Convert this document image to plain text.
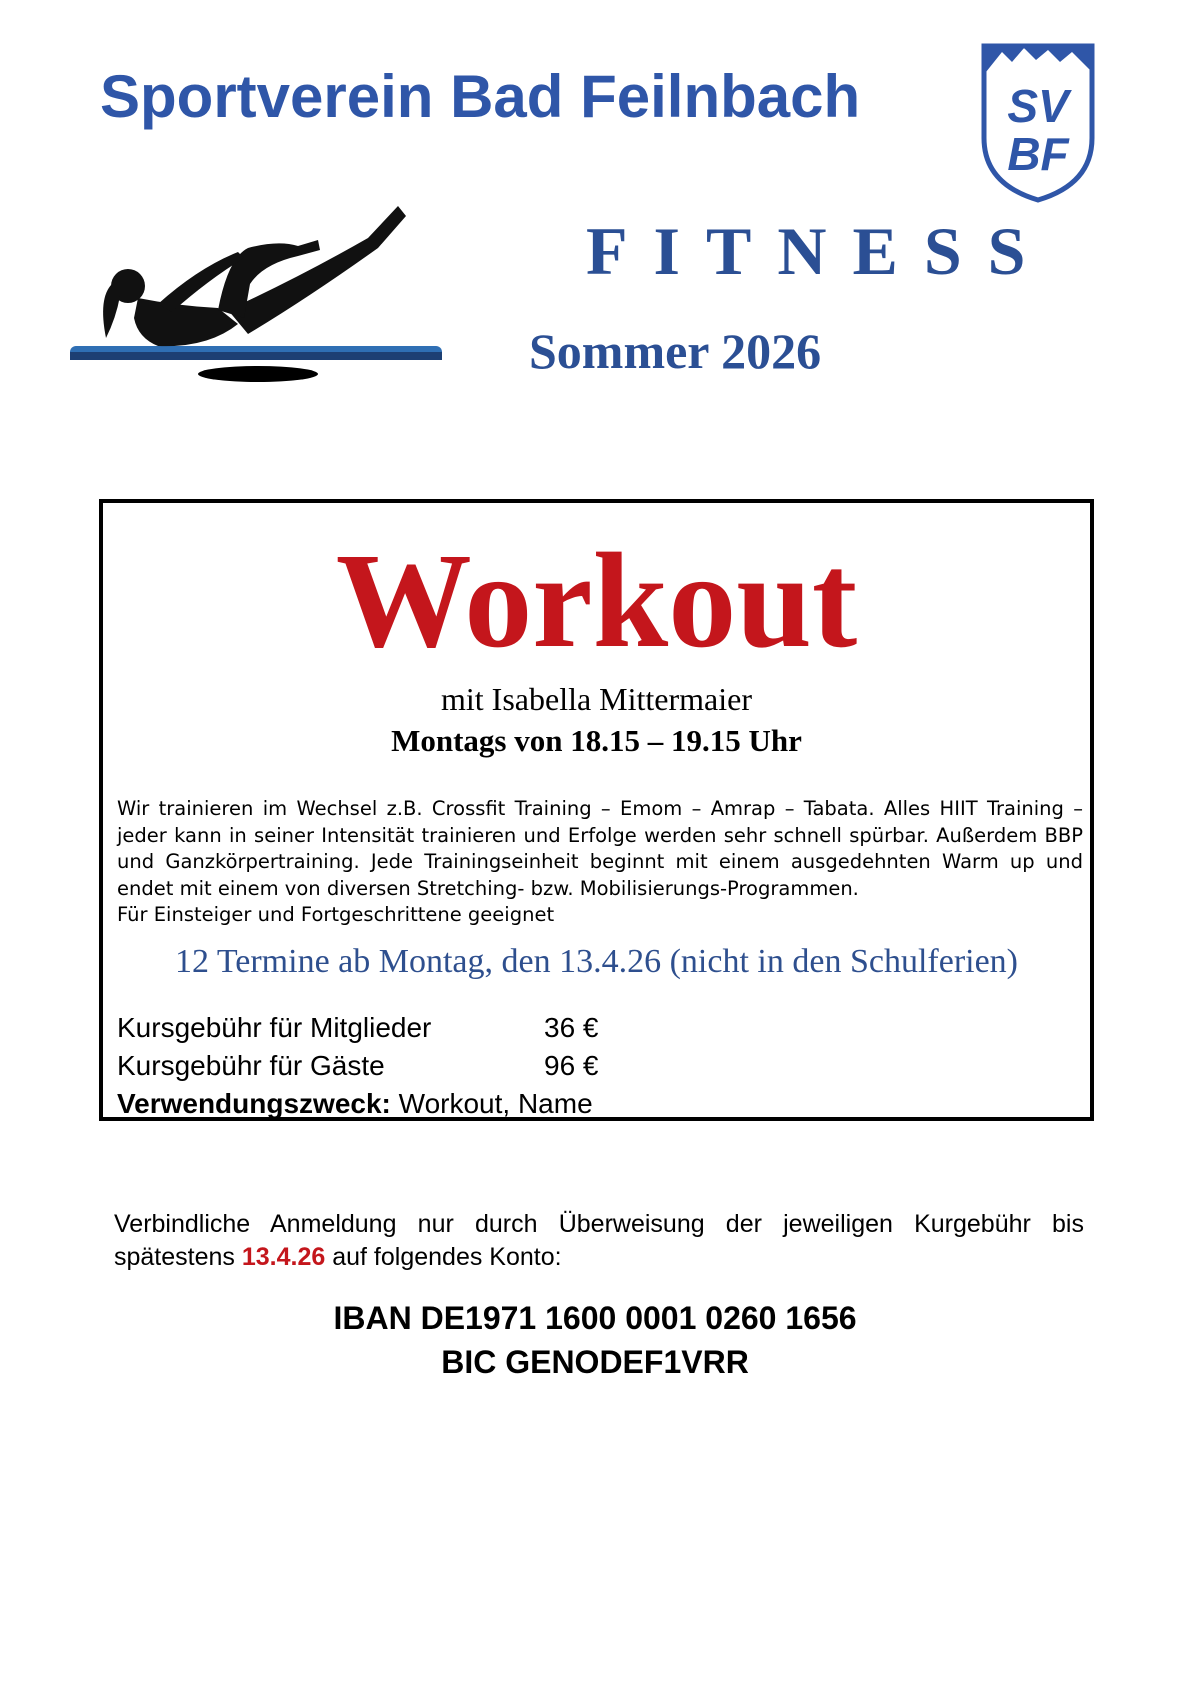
Sportverein Bad Feilnbach	SV
BF
FITNESS
Sommer 2026
Workout
mit Isabella Mittermaier
Montags von 18.15 – 19.15 Uhr

Wir trainieren im Wechsel z.B. Crossfit Training – Emom – Amrap – Tabata. Alles HIIT Training – jeder kann in seiner Intensität trainieren und Erfolge werden sehr schnell spürbar. Außerdem BBP und Ganzkörpertraining. Jede Trainingseinheit beginnt mit einem ausgedehnten Warm up und endet mit einem von diversen Stretching- bzw. Mobilisierungs-Programmen.

Für Einsteiger und Fortgeschrittene geeignet

12 Termine ab Montag, den 13.4.26 (nicht in den Schulferien)
Kursgebühr für Mitglieder	36 €
Kursgebühr für Gäste	96 €
Verwendungszweck: Workout, Name
Verbindliche Anmeldung nur durch Überweisung der jeweiligen Kurgebühr bis spätestens 13.4.26 auf folgendes Konto:
IBAN DE1971 1600 0001 0260 1656
BIC GENODEF1VRR
